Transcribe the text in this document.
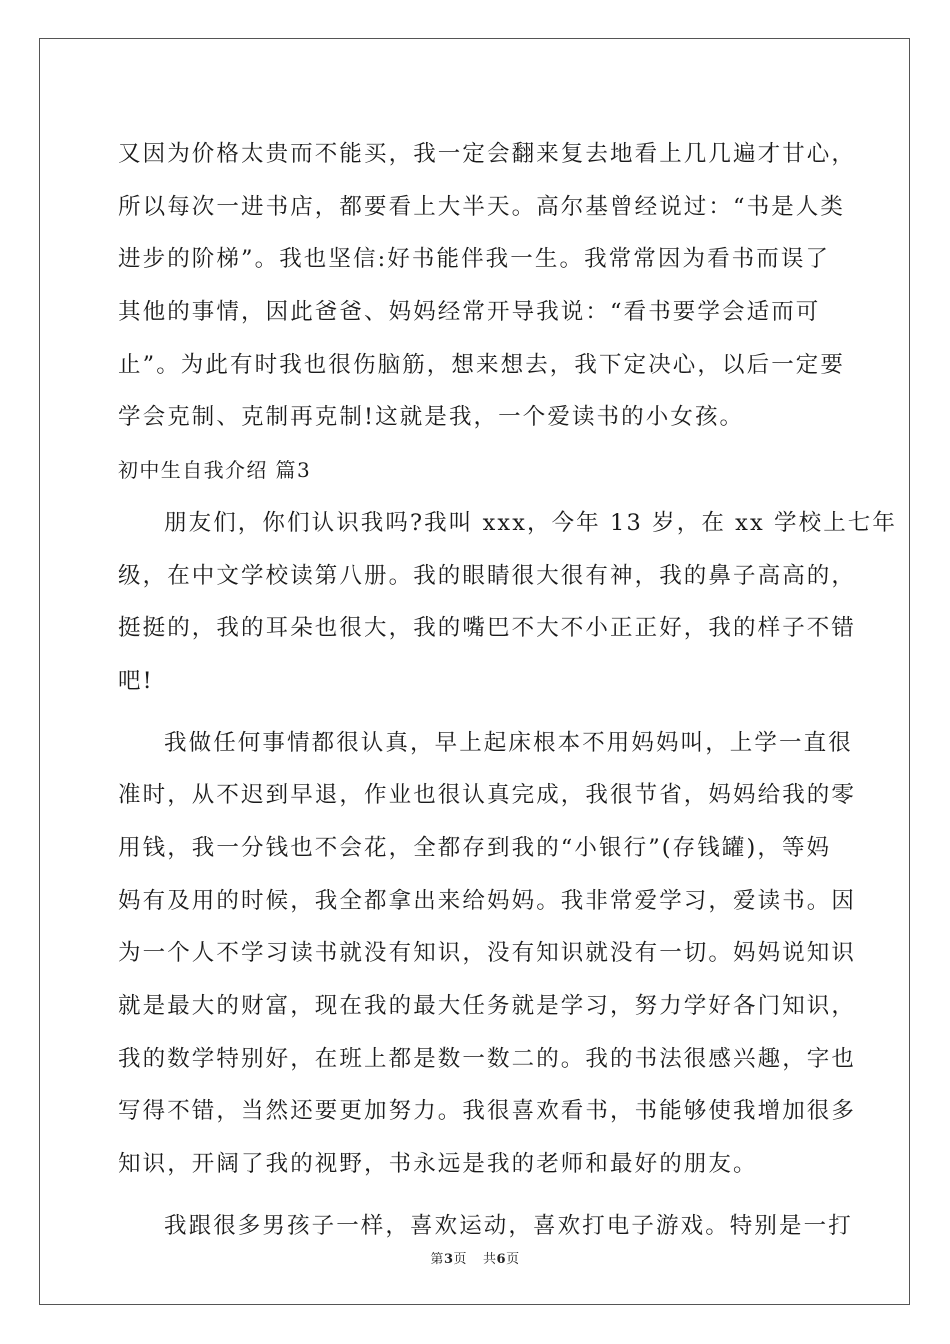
又因为价格太贵而不能买，我一定会翻来复去地看上几几遍才甘心，
所以每次一进书店，都要看上大半天。高尔基曾经说过：“书是人类
进步的阶梯”。我也坚信:好书能伴我一生。我常常因为看书而误了
其他的事情，因此爸爸、妈妈经常开导我说：“看书要学会适而可
止”。为此有时我也很伤脑筋，想来想去，我下定决心，以后一定要
学会克制、克制再克制!这就是我，一个爱读书的小女孩。
初中生自我介绍 篇3
朋友们，你们认识我吗?我叫 xxx，今年 13 岁，在 xx 学校上七年
级，在中文学校读第八册。我的眼睛很大很有神，我的鼻子高高的，
挺挺的，我的耳朵也很大，我的嘴巴不大不小正正好，我的样子不错
吧!
我做任何事情都很认真，早上起床根本不用妈妈叫，上学一直很
准时，从不迟到早退，作业也很认真完成，我很节省，妈妈给我的零
用钱，我一分钱也不会花，全都存到我的“小银行”(存钱罐)，等妈
妈有及用的时候，我全都拿出来给妈妈。我非常爱学习，爱读书。因
为一个人不学习读书就没有知识，没有知识就没有一切。妈妈说知识
就是最大的财富，现在我的最大任务就是学习，努力学好各门知识，
我的数学特别好，在班上都是数一数二的。我的书法很感兴趣，字也
写得不错，当然还要更加努力。我很喜欢看书，书能够使我增加很多
知识，开阔了我的视野，书永远是我的老师和最好的朋友。
我跟很多男孩子一样，喜欢运动，喜欢打电子游戏。特别是一打
第3页 共6页
